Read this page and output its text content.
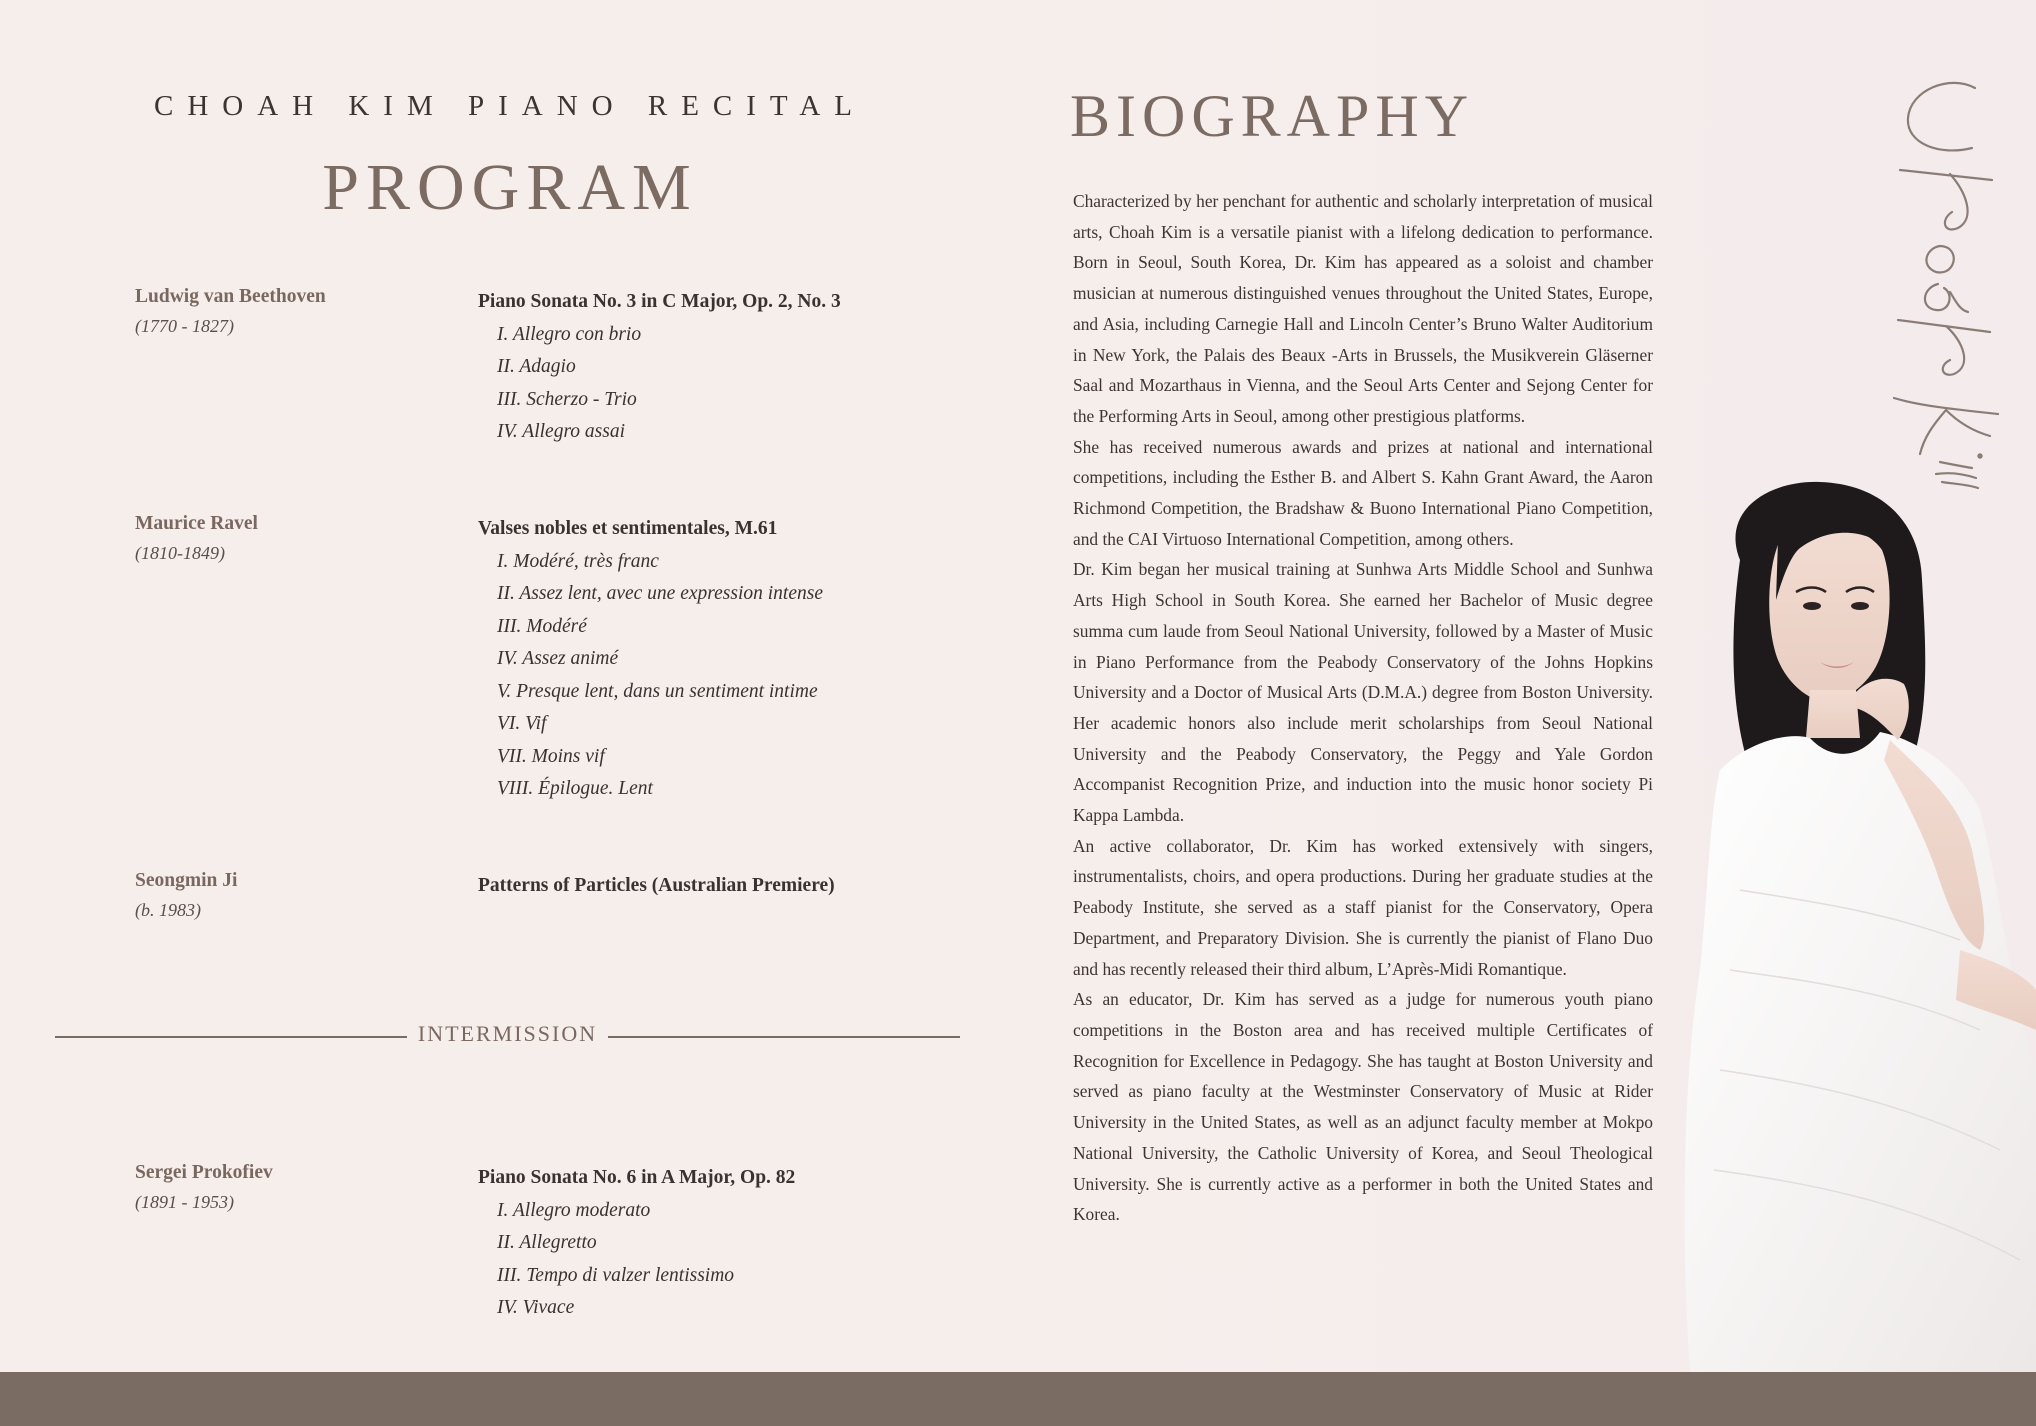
CHOAH KIM PIANO RECITAL
PROGRAM
Ludwig van Beethoven
(1770 - 1827)
Piano Sonata No. 3 in C Major, Op. 2, No. 3
I. Allegro con brio
II. Adagio
III. Scherzo - Trio
IV. Allegro assai
Maurice Ravel
(1810-1849)
Valses nobles et sentimentales, M.61
I. Modéré, très franc
II. Assez lent, avec une expression intense
III. Modéré
IV. Assez animé
V. Presque lent, dans un sentiment intime
VI. Vif
VII. Moins vif
VIII. Épilogue. Lent
Seongmin Ji
(b. 1983)
Patterns of Particles (Australian Premiere)
INTERMISSION
Sergei Prokofiev
(1891 - 1953)
Piano Sonata No. 6 in A Major, Op. 82
I. Allegro moderato
II. Allegretto
III. Tempo di valzer lentissimo
IV. Vivace
BIOGRAPHY

Characterized by her penchant for authentic and scholarly interpretation of musical arts, Choah Kim is a versatile pianist with a lifelong dedication to performance. Born in Seoul, South Korea, Dr. Kim has appeared as a soloist and chamber musician at numerous distinguished venues throughout the United States, Europe, and Asia, including Carnegie Hall and Lincoln Center’s Bruno Walter Auditorium in New York, the Palais des Beaux -Arts in Brussels, the Musikverein Gläserner Saal and Mozarthaus in Vienna, and the Seoul Arts Center and Sejong Center for the Performing Arts in Seoul, among other prestigious platforms.

She has received numerous awards and prizes at national and international competitions, including the Esther B. and Albert S. Kahn Grant Award, the Aaron Richmond Competition, the Bradshaw & Buono International Piano Competition, and the CAI Virtuoso International Competition, among others.

Dr. Kim began her musical training at Sunhwa Arts Middle School and Sunhwa Arts High School in South Korea. She earned her Bachelor of Music degree summa cum laude from Seoul National University, followed by a Master of Music in Piano Performance from the Peabody Conservatory of the Johns Hopkins University and a Doctor of Musical Arts (D.M.A.) degree from Boston University. Her academic honors also include merit scholarships from Seoul National University and the Peabody Conservatory, the Peggy and Yale Gordon Accompanist Recognition Prize, and induction into the music honor society Pi Kappa Lambda.

An active collaborator, Dr. Kim has worked extensively with singers, instrumentalists, choirs, and opera productions. During her graduate studies at the Peabody Institute, she served as a staff pianist for the Conservatory, Opera Department, and Preparatory Division. She is currently the pianist of Flano Duo and has recently released their third album, L’Après-Midi Romantique.

As an educator, Dr. Kim has served as a judge for numerous youth piano competitions in the Boston area and has received multiple Certificates of Recognition for Excellence in Pedagogy. She has taught at Boston University and served as piano faculty at the Westminster Conservatory of Music at Rider University in the United States, as well as an adjunct faculty member at Mokpo National University, the Catholic University of Korea, and Seoul Theological University. She is currently active as a performer in both the United States and Korea.
